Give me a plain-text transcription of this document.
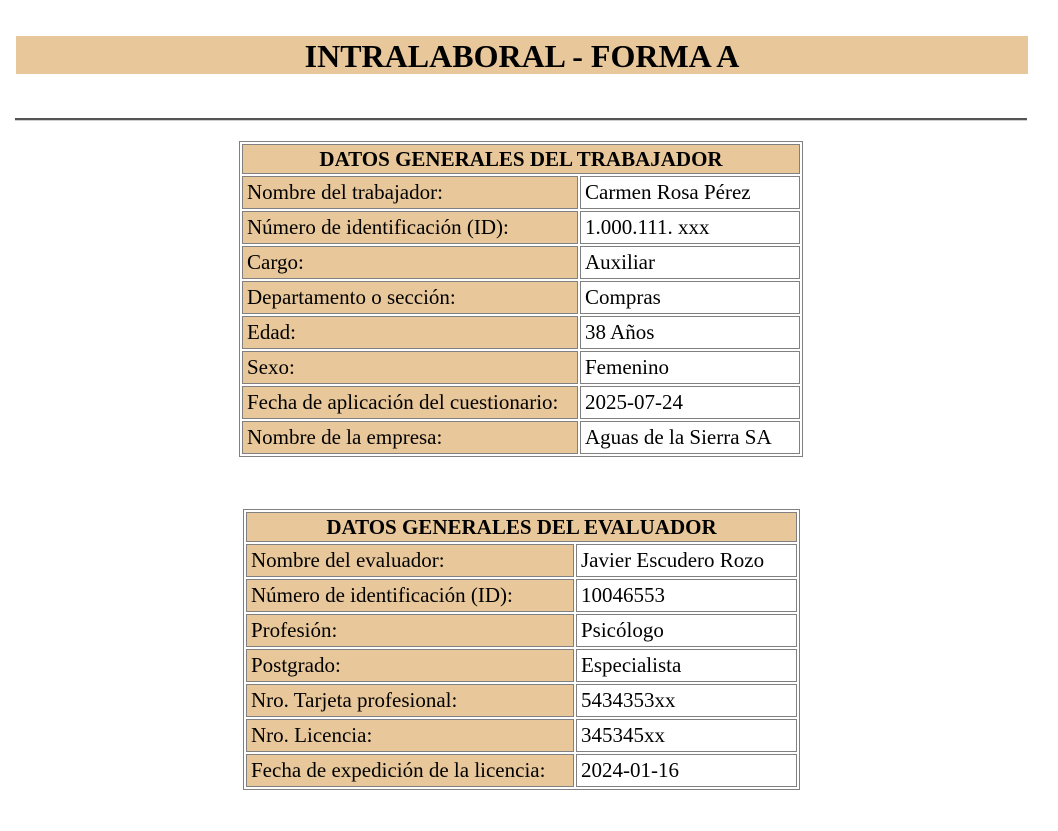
INTRALABORAL - FORMA A
DATOS GENERALES DEL TRABAJADOR	
Nombre del trabajador:	Carmen Rosa Pérez
Número de identificación (ID):	1.000.111. xxx
Cargo:	Auxiliar
Departamento o sección:	Compras
Edad:	38 Años
Sexo:	Femenino
Fecha de aplicación del cuestionario:	2025-07-24
Nombre de la empresa:	Aguas de la Sierra SA
DATOS GENERALES DEL EVALUADOR	
Nombre del evaluador:	Javier Escudero Rozo
Número de identificación (ID):	10046553
Profesión:	Psicólogo
Postgrado:	Especialista
Nro. Tarjeta profesional:	5434353xx
Nro. Licencia:	345345xx
Fecha de expedición de la licencia:	2024-01-16
